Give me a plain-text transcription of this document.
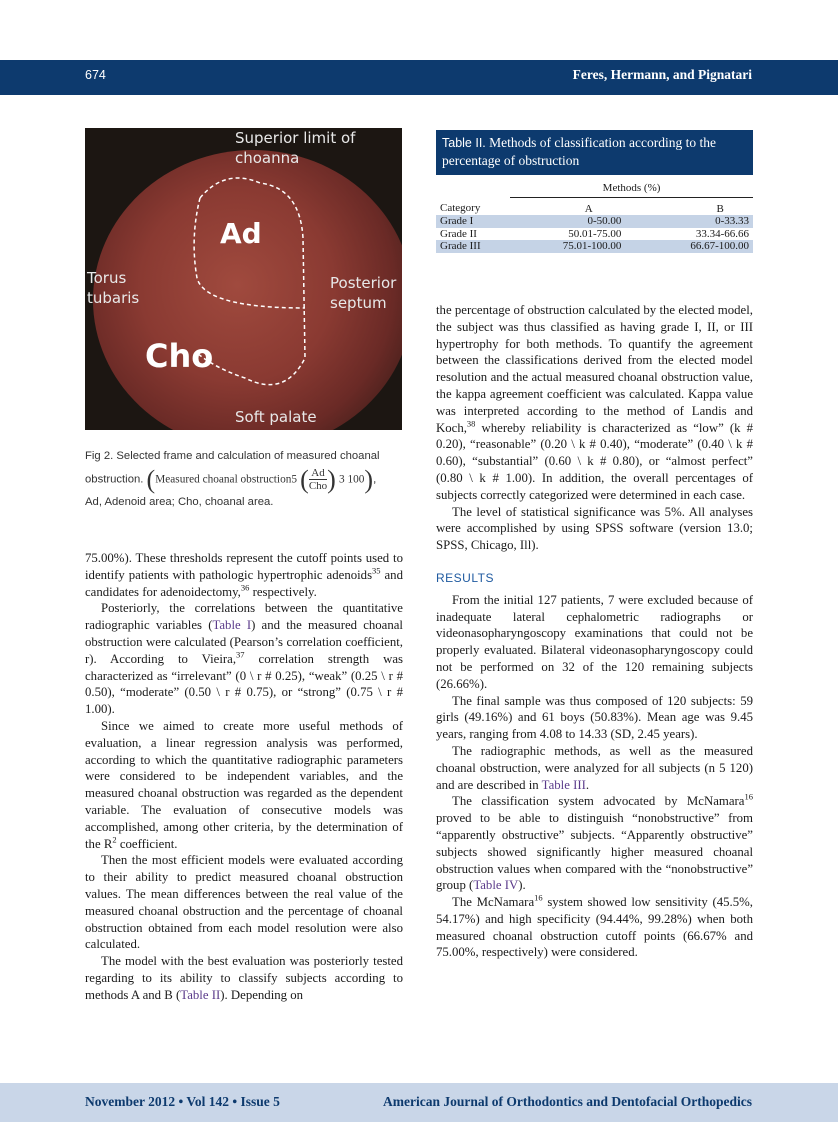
674	Feres, Hermann, and Pignatari
Superior limit of choanna
Ad
Torus tubaris
Posterior septum
Cho
Soft palate
Fig 2. Selected frame and calculation of measured choanal obstruction. (Measured choanal obstruction5 ( $\frac{Ad}{\text{Cho}}$ ) 3 100),
Ad, Adenoid area; Cho, choanal area.
Table II. Methods of classification according to the percentage of obstruction
	Methods (%)	
Category	A	B
Grade I	0-50.00	0-33.33
Grade II	50.01-75.00	33.34-66.66
Grade III	75.01-100.00	66.67-100.00

75.00%). These thresholds represent the cutoff points used to identify patients with pathologic hypertrophic adenoids$^{35}$ and candidates for adenoidectomy,$^{36}$ respectively.

Posteriorly, the correlations between the quantitative radiographic variables (Table I) and the measured choanal obstruction were calculated (Pearson’s correlation coefficient, r). According to Vieira,$^{37}$ correlation strength was characterized as “irrelevant” (0 \ r # 0.25), “weak” (0.25 \ r # 0.50), “moderate” (0.50 \ r # 0.75), or “strong” (0.75 \ r # 1.00).

Since we aimed to create more useful methods of evaluation, a linear regression analysis was performed, according to which the quantitative radiographic parameters were considered to be independent variables, and the measured choanal obstruction was regarded as the dependent variable. The evaluation of consecutive models was accomplished, among other criteria, by the determination of the $R^2$ coefficient.

Then the most efficient models were evaluated according to their ability to predict measured choanal obstruction values. The mean differences between the real value of the measured choanal obstruction and the percentage of choanal obstruction obtained from each model resolution were also calculated.

The model with the best evaluation was posteriorly tested regarding to its ability to classify subjects according to methods A and B (Table II). Depending on

the percentage of obstruction calculated by the elected model, the subject was thus classified as having grade I, II, or III hypertrophy for both methods. To quantify the agreement between the classifications derived from the elected model resolution and the actual measured choanal obstruction value, the kappa agreement coefficient was calculated. Kappa value was interpreted according to the method of Landis and Koch,$^{38}$ whereby reliability is characterized as “low” (k # 0.20), “reasonable” (0.20 \ k # 0.40), “moderate” (0.40 \ k # 0.60), “substantial” (0.60 \ k # 0.80), or “almost perfect” (0.80 \ k # 1.00). In addition, the overall percentages of subjects correctly categorized were determined in each case.

The level of statistical significance was 5%. All analyses were accomplished by using SPSS software (version 13.0; SPSS, Chicago, Ill).

RESULTS

From the initial 127 patients, 7 were excluded because of inadequate lateral cephalometric radiographs or videonasopharyngoscopy examinations that could not be properly evaluated. Bilateral videonasopharyngoscopy could not be performed on 32 of the 120 remaining subjects (26.66%).

The final sample was thus composed of 120 subjects: 59 girls (49.16%) and 61 boys (50.83%). Mean age was 9.45 years, ranging from 4.08 to 14.33 (SD, 2.45 years).

The radiographic methods, as well as the measured choanal obstruction, were analyzed for all subjects (n 5 120) and are described in Table III.

The classification system advocated by McNamara$^{16}$ proved to be able to distinguish “nonobstructive” from “apparently obstructive” subjects. “Apparently obstructive” subjects showed significantly higher measured choanal obstruction values when compared with the “nonobstructive” group (Table IV).

The McNamara$^{16}$ system showed low sensitivity (45.5%, 54.17%) and high specificity (94.44%, 99.28%) when both measured choanal obstruction cutoff points (66.67% and 75.00%, respectively) were considered.

November 2012 • Vol 142 • Issue 5	American Journal of Orthodontics and Dentofacial Orthopedics
